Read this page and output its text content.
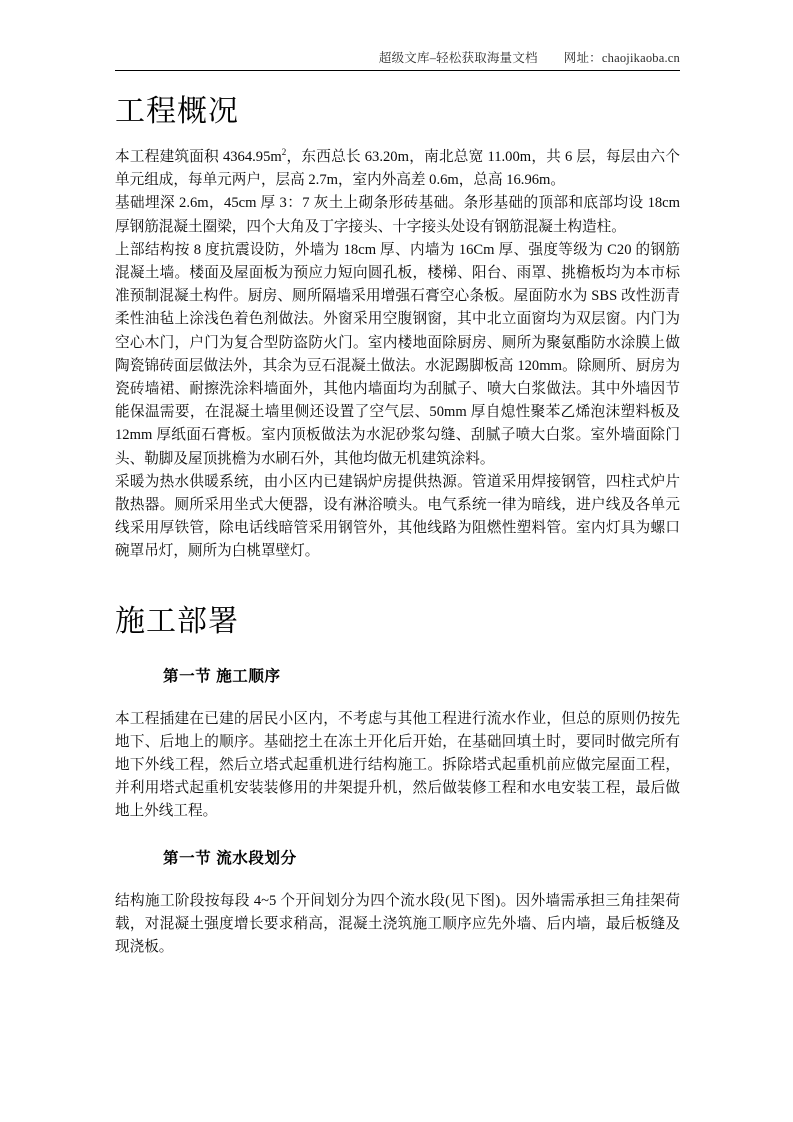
超级文库–轻松获取海量文档 网址：chaojikaoba.cn
工程概况

本工程建筑面积 $4364.95m^2$，东西总长 63.20m，南北总宽 11.00m，共 6 层，每层由六个单元组成，每单元两户，层高 2.7m，室内外高差 0.6m，总高 16.96m。

基础埋深 2.6m，45cm 厚 3：7 灰土上砌条形砖基础。条形基础的顶部和底部均设 18cm 厚钢筋混凝土圈梁，四个大角及丁字接头、十字接头处设有钢筋混凝土构造柱。

上部结构按 8 度抗震设防，外墙为 18cm 厚、内墙为 16Cm 厚、强度等级为 C20 的钢筋混凝土墙。楼面及屋面板为预应力短向圆孔板，楼梯、阳台、雨罩、挑檐板均为本市标准预制混凝土构件。厨房、厕所隔墙采用增强石膏空心条板。屋面防水为 SBS 改性沥青柔性油毡上涂浅色着色剂做法。外窗采用空腹钢窗，其中北立面窗均为双层窗。内门为空心木门，户门为复合型防盗防火门。室内楼地面除厨房、厕所为聚氨酯防水涂膜上做陶瓷锦砖面层做法外，其余为豆石混凝土做法。水泥踢脚板高 120mm。除厕所、厨房为瓷砖墙裙、耐擦洗涂料墙面外，其他内墙面均为刮腻子、喷大白浆做法。其中外墙因节能保温需要，在混凝土墙里侧还设置了空气层、50mm 厚自熄性聚苯乙烯泡沫塑料板及 12mm 厚纸面石膏板。室内顶板做法为水泥砂浆勾缝、刮腻子喷大白浆。室外墙面除门头、勒脚及屋顶挑檐为水刷石外，其他均做无机建筑涂料。

采暖为热水供暖系统，由小区内已建锅炉房提供热源。管道采用焊接钢管，四柱式炉片散热器。厕所采用坐式大便器，设有淋浴喷头。电气系统一律为暗线，进户线及各单元线采用厚铁管，除电话线暗管采用钢管外，其他线路为阻燃性塑料管。室内灯具为螺口碗罩吊灯，厕所为白桃罩壁灯。

施工部署
第一节 施工顺序

本工程插建在已建的居民小区内，不考虑与其他工程进行流水作业，但总的原则仍按先地下、后地上的顺序。基础挖土在冻土开化后开始，在基础回填土时，要同时做完所有地下外线工程，然后立塔式起重机进行结构施工。拆除塔式起重机前应做完屋面工程，并利用塔式起重机安装装修用的井架提升机，然后做装修工程和水电安装工程，最后做地上外线工程。

第一节 流水段划分

结构施工阶段按每段 4~5 个开间划分为四个流水段(见下图)。因外墙需承担三角挂架荷载，对混凝土强度增长要求稍高，混凝土浇筑施工顺序应先外墙、后内墙，最后板缝及现浇板。
